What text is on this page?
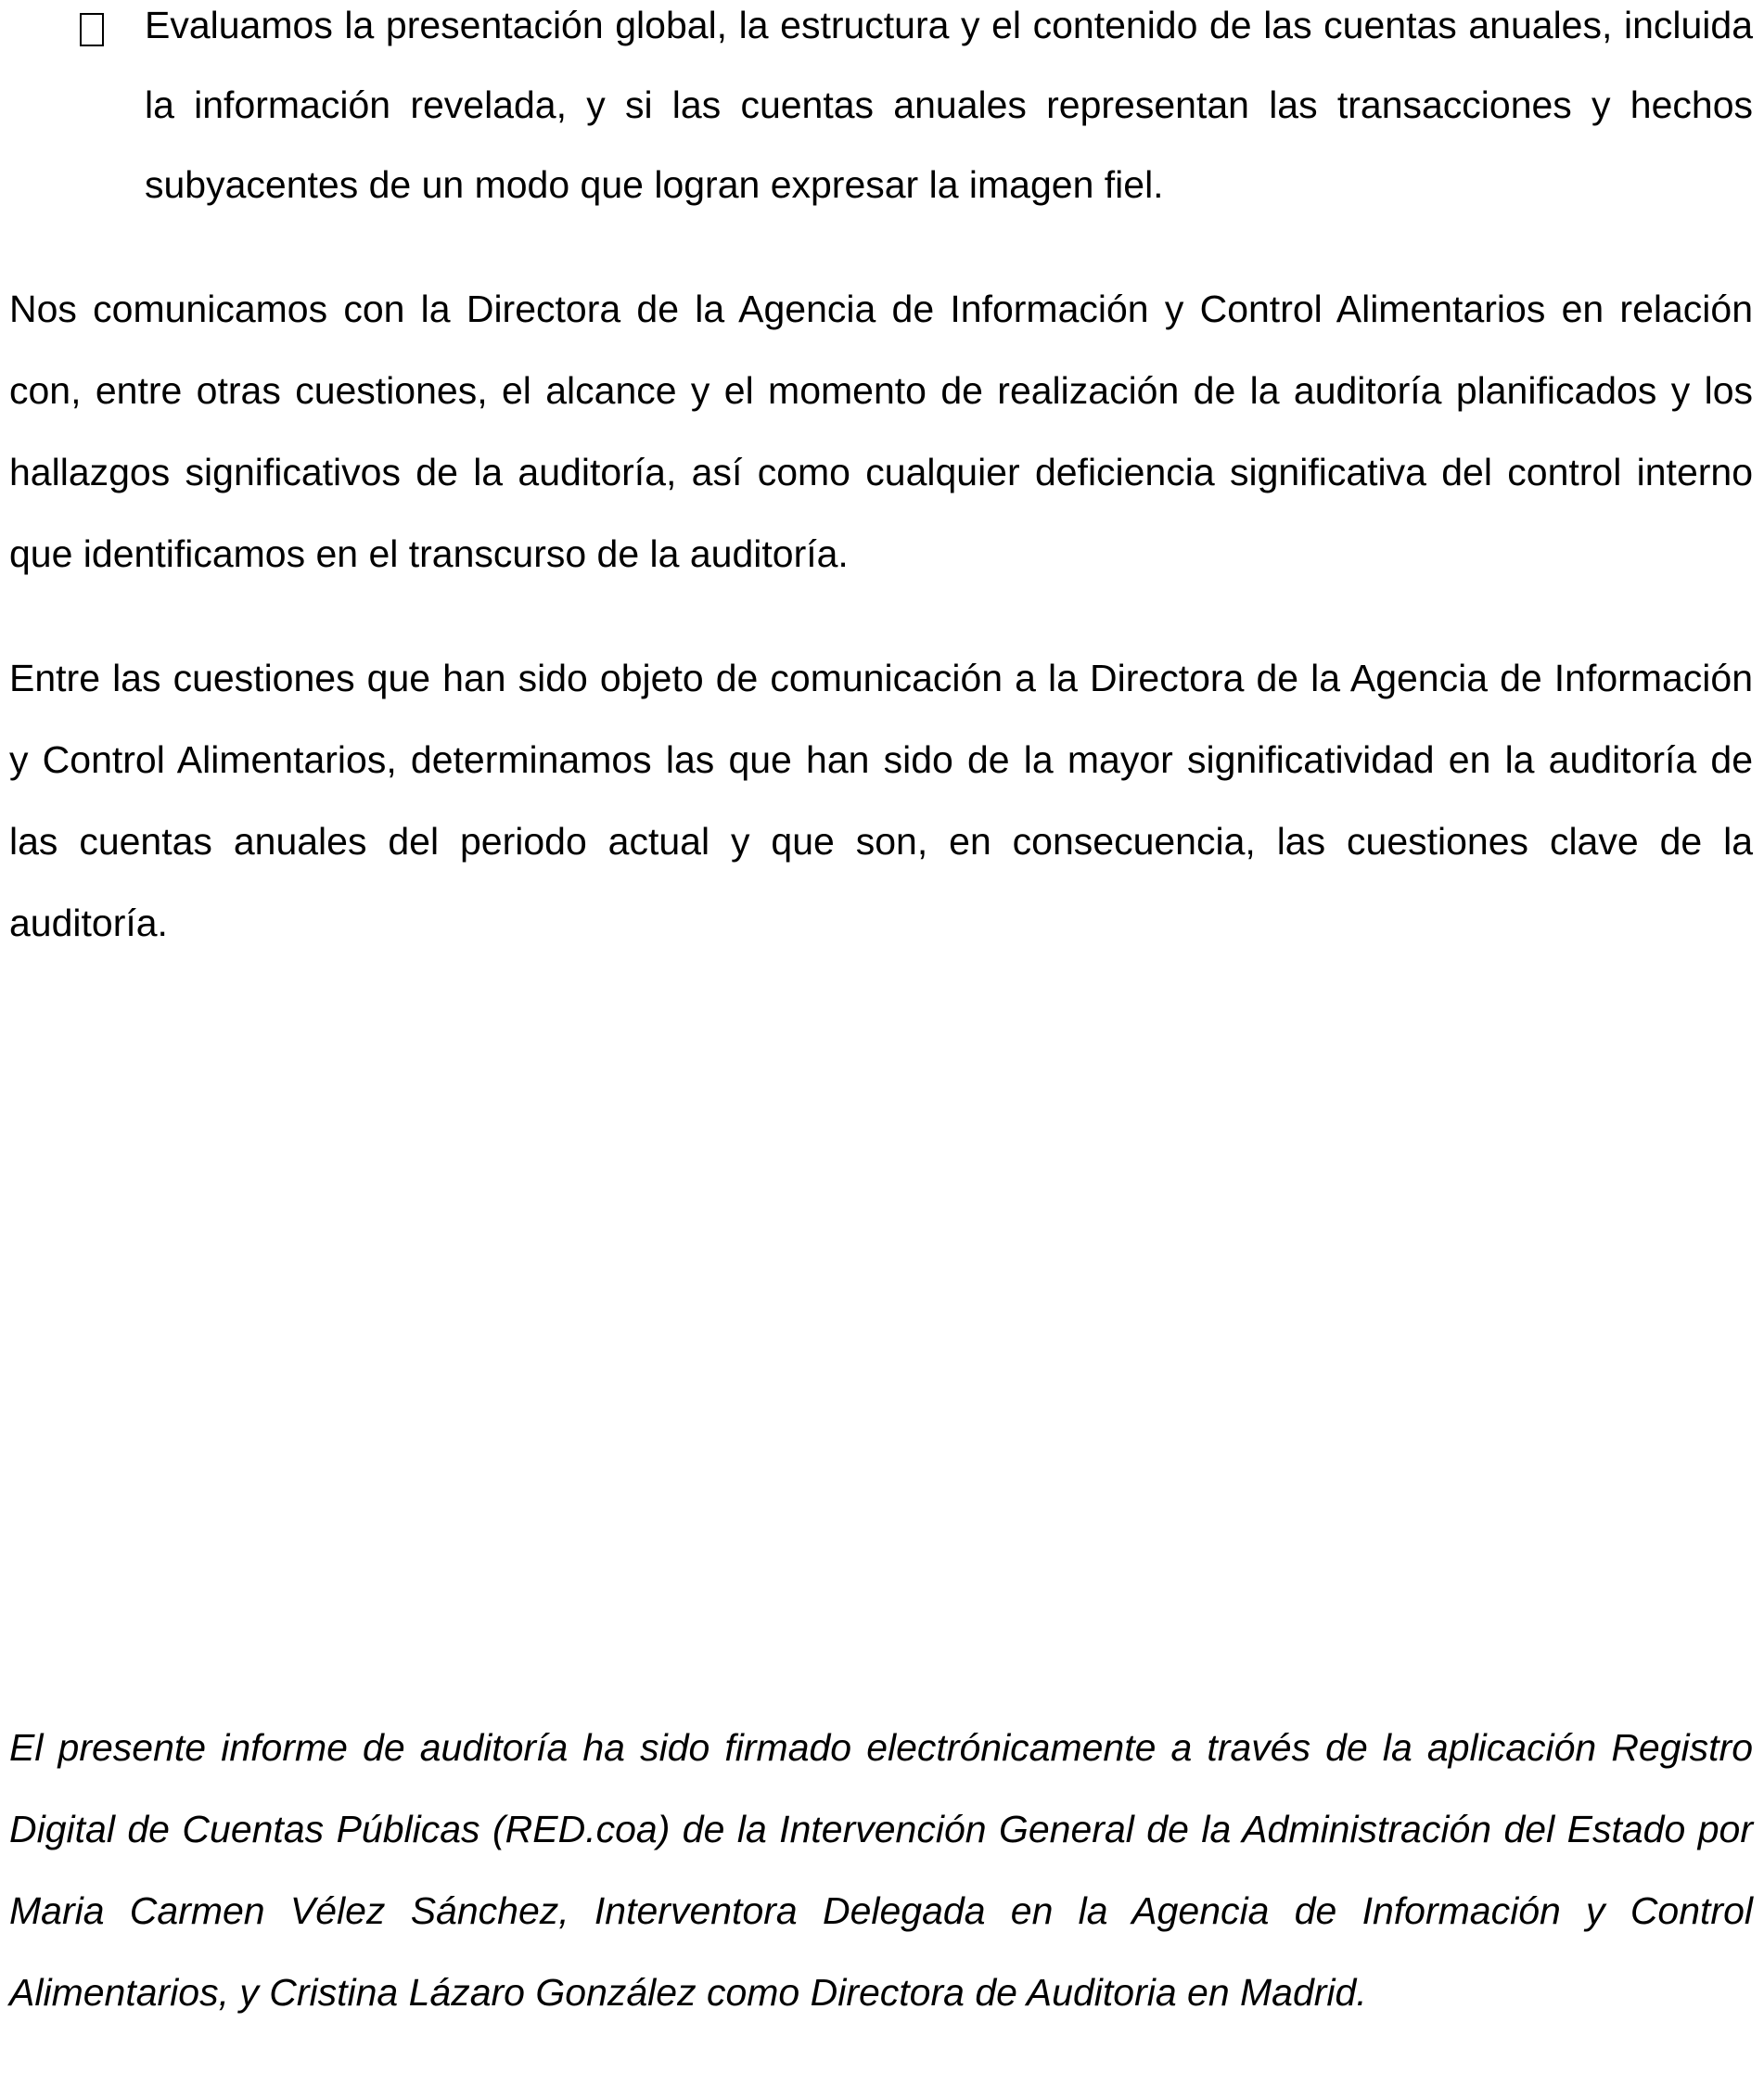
Evaluamos la presentación global, la estructura y el contenido de las cuentas anuales, incluida la información revelada, y si las cuentas anuales representan las transacciones y hechos subyacentes de un modo que logran expresar la imagen fiel.

Nos comunicamos con la Directora de la Agencia de Información y Control Alimentarios en relación con, entre otras cuestiones, el alcance y el momento de realización de la auditoría planificados y los hallazgos significativos de la auditoría, así como cualquier deficiencia significativa del control interno que identificamos en el transcurso de la auditoría.

Entre las cuestiones que han sido objeto de comunicación a la Directora de la Agencia de Información y Control Alimentarios, determinamos las que han sido de la mayor significatividad en la auditoría de las cuentas anuales del periodo actual y que son, en consecuencia, las cuestiones clave de la auditoría.

El presente informe de auditoría ha sido firmado electrónicamente a través de la aplicación Registro Digital de Cuentas Públicas (RED.coa) de la Intervención General de la Administración del Estado por Maria Carmen Vélez Sánchez, Interventora Delegada en la Agencia de Información y Control Alimentarios, y Cristina Lázaro González como Directora de Auditoria en Madrid.
